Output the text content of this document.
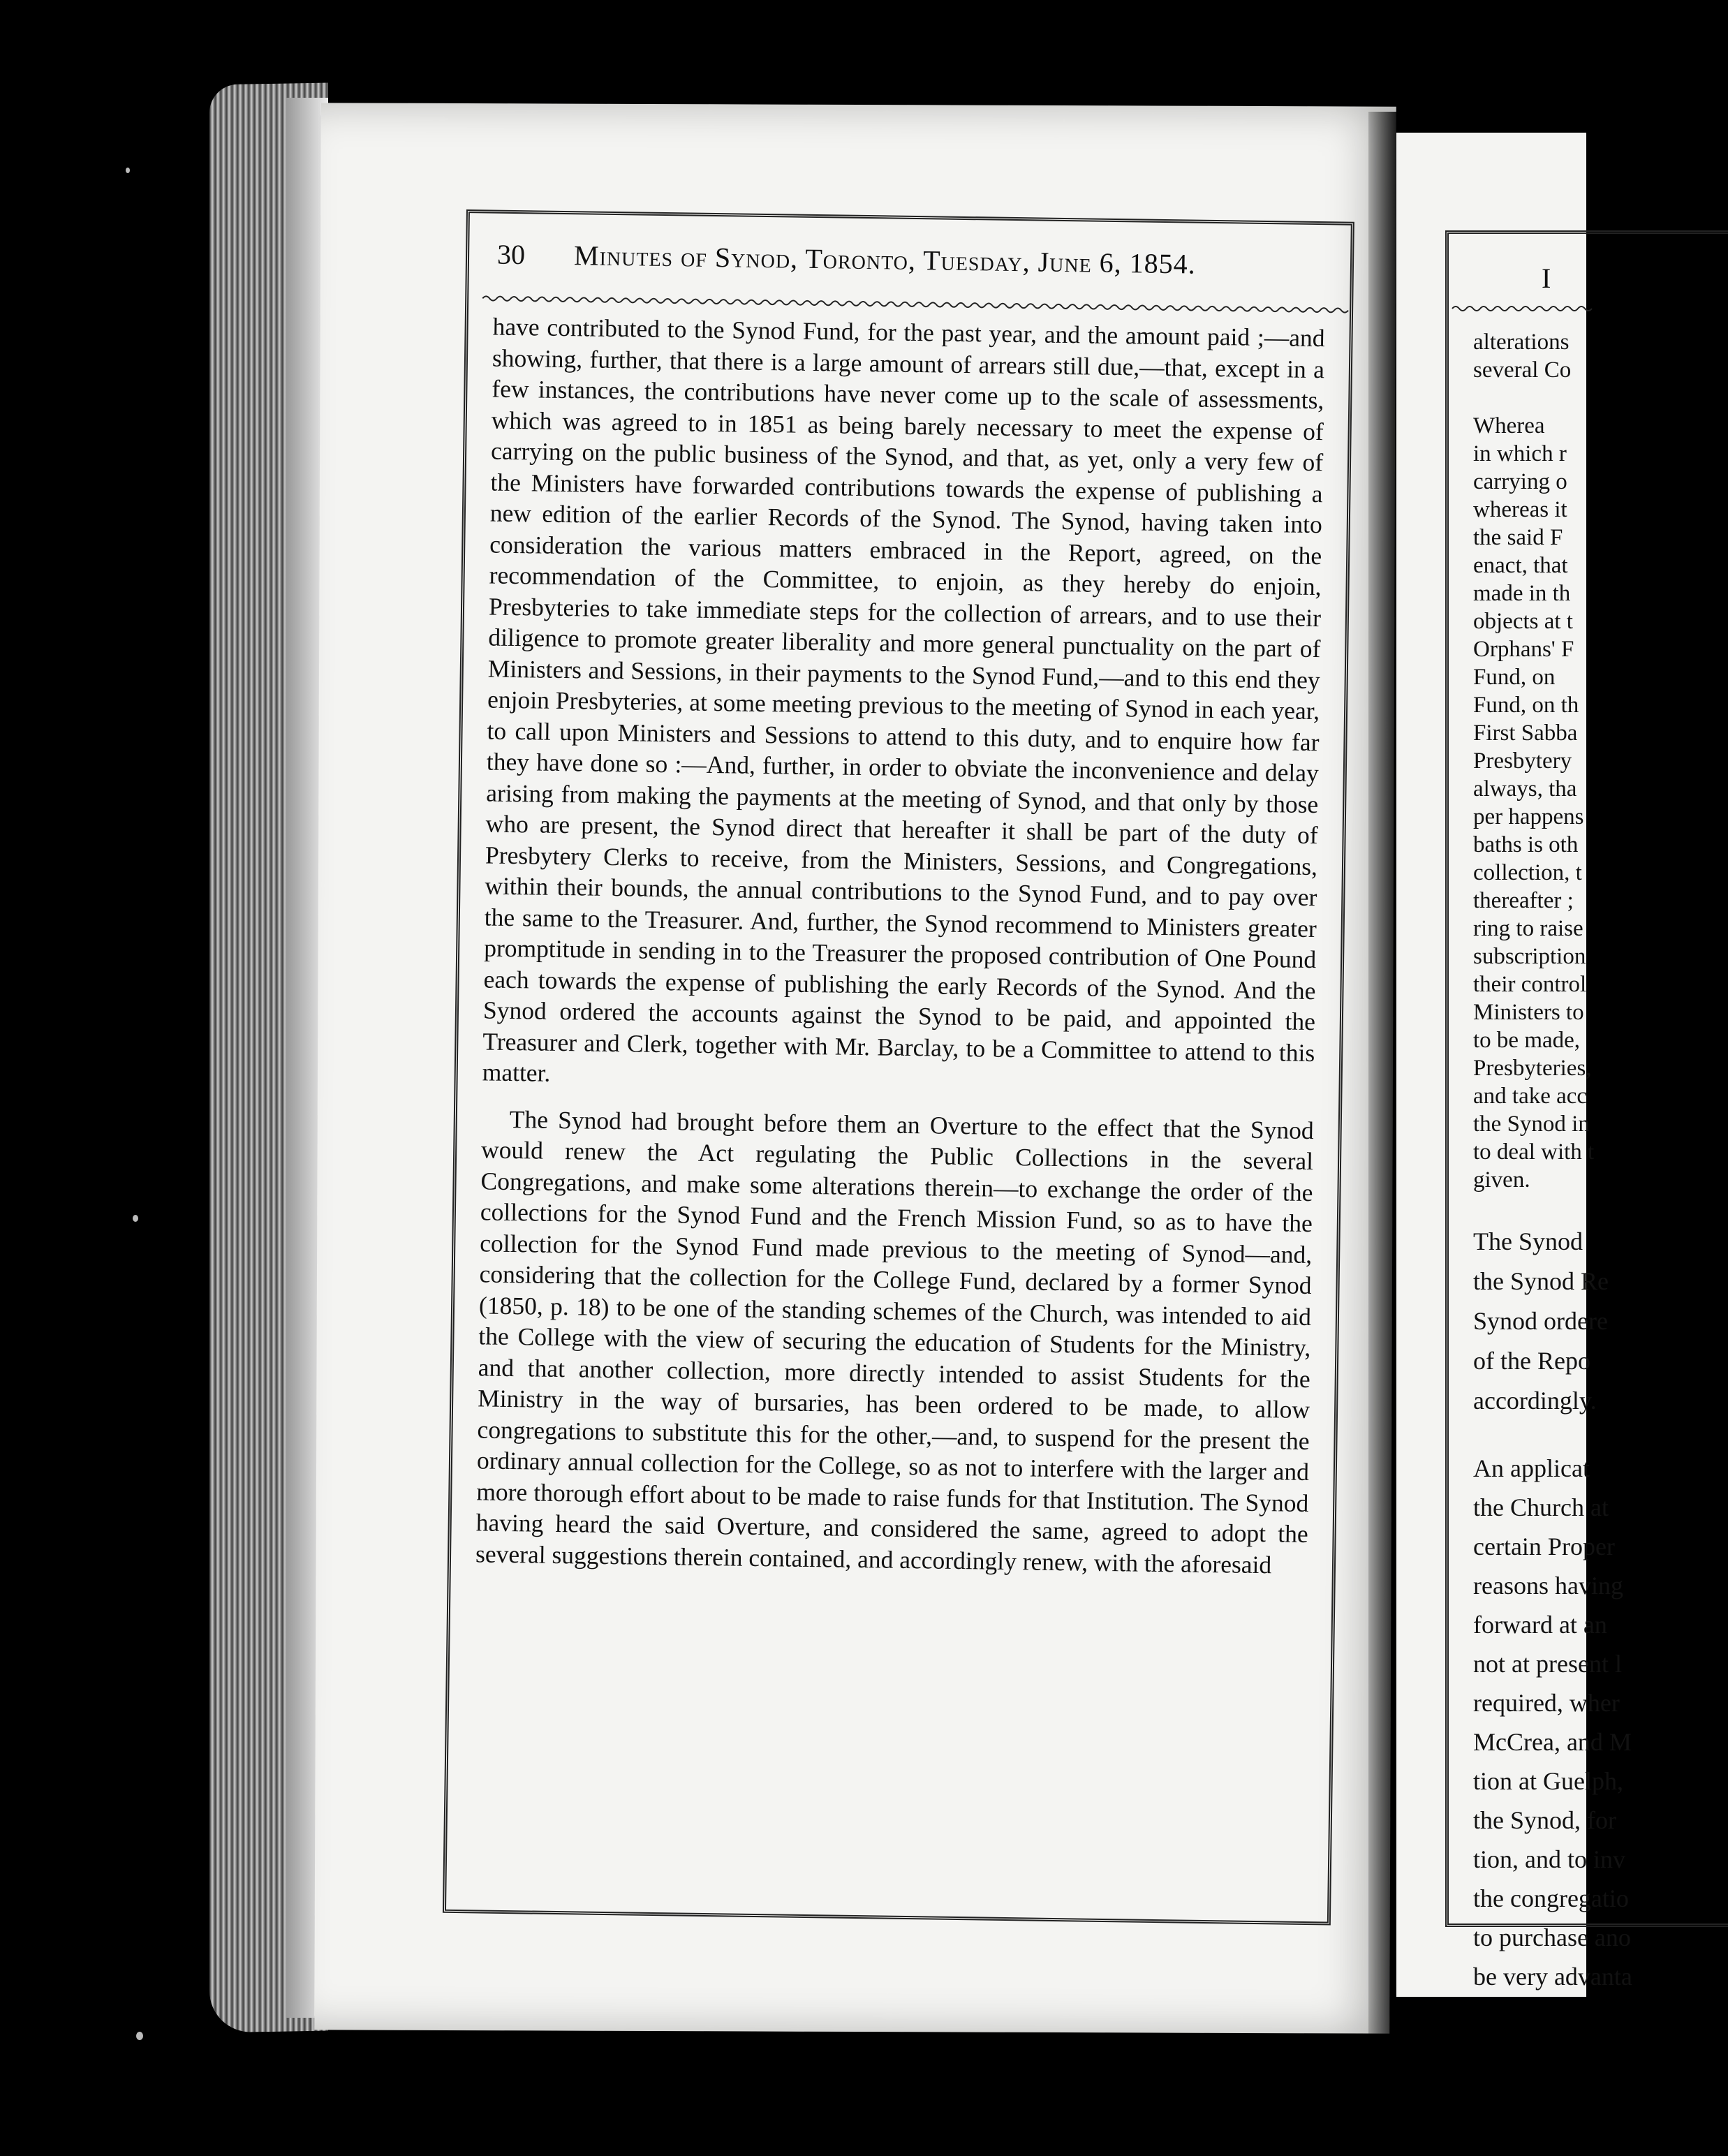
I
alterations
several Co
Wherea
in which r
carrying o
whereas it
the said F
enact, that
made in th
objects at t
Orphans' F
Fund, on
Fund, on th
First Sabba
Presbytery
always, tha
per happens
baths is oth
collection, t
thereafter ;
ring to raise
subscription
their control
Ministers to
to be made,
Presbyteries,
and take acc
the Synod in
to deal with t
given.
The Synod
the Synod Re
Synod ordere
of the Repo
accordingly.
An applicat
the Church at
certain Proper
reasons having
forward at an
not at present l
required, wher
McCrea, and M
tion at Guelph,
the Synod, for
tion, and to inv
the congregatio
to purchase ano
be very advanta
30 Minutes of Synod, Toronto, Tuesday, June 6, 1854.

have contributed to the Synod Fund, for the past year, and the amount paid ;—and showing, further, that there is a large amount of arrears still due,—that, except in a few instances, the contributions have never come up to the scale of assessments, which was agreed to in 1851 as being barely necessary to meet the expense of carrying on the public business of the Synod, and that, as yet, only a very few of the Ministers have forwarded contributions towards the expense of publishing a new edition of the earlier Records of the Synod. The Synod, having taken into consideration the various matters embraced in the Report, agreed, on the recommendation of the Committee, to enjoin, as they hereby do enjoin, Presbyteries to take immediate steps for the collection of arrears, and to use their diligence to promote greater liberality and more general punctuality on the part of Ministers and Sessions, in their payments to the Synod Fund,—and to this end they enjoin Presbyteries, at some meeting previous to the meeting of Synod in each year, to call upon Ministers and Sessions to attend to this duty, and to enquire how far they have done so :—And, further, in order to obviate the inconvenience and delay arising from making the payments at the meeting of Synod, and that only by those who are present, the Synod direct that hereafter it shall be part of the duty of Presbytery Clerks to receive, from the Ministers, Sessions, and Congregations, within their bounds, the annual contributions to the Synod Fund, and to pay over the same to the Treasurer. And, further, the Synod recommend to Ministers greater promptitude in sending in to the Treasurer the proposed contribution of One Pound each towards the expense of publishing the early Records of the Synod. And the Synod ordered the accounts against the Synod to be paid, and appointed the Treasurer and Clerk, together with Mr. Barclay, to be a Committee to attend to this matter.

The Synod had brought before them an Overture to the effect that the Synod would renew the Act regulating the Public Collections in the several Congregations, and make some alterations therein—to exchange the order of the collections for the Synod Fund and the French Mission Fund, so as to have the collection for the Synod Fund made previous to the meeting of Synod—and, considering that the collection for the College Fund, declared by a former Synod (1850, p. 18) to be one of the standing schemes of the Church, was intended to aid the College with the view of securing the education of Students for the Ministry, and that another collection, more directly intended to assist Students for the Ministry in the way of bursaries, has been ordered to be made, to allow congregations to substitute this for the other,—and, to suspend for the present the ordinary annual collection for the College, so as not to interfere with the larger and more thorough effort about to be made to raise funds for that Institution. The Synod having heard the said Overture, and considered the same, agreed to adopt the several suggestions therein contained, and accordingly renew, with the aforesaid
